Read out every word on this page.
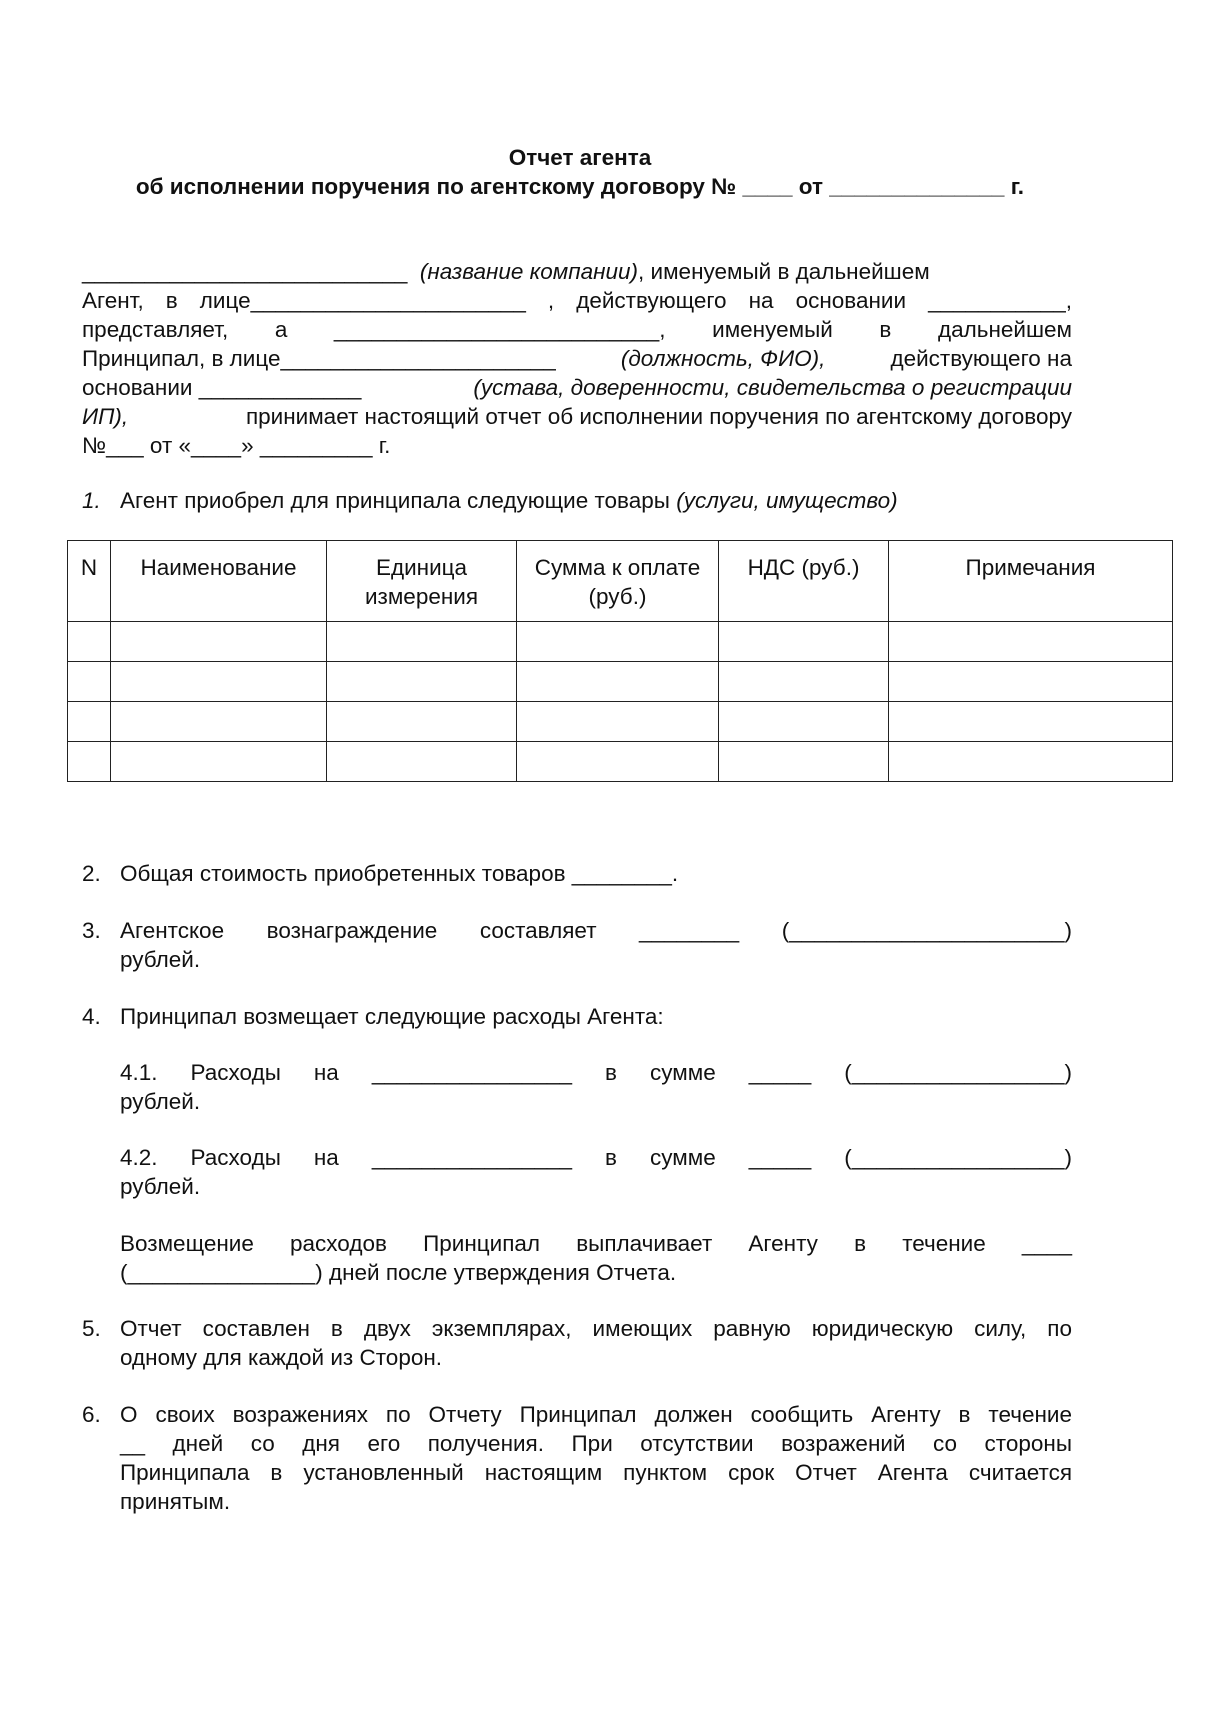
Отчет агента
об исполнении поручения по агентскому договору № ____ от ______________ г.
__________________________ (название компании), именуемый в дальнейшем
Агент, в лице______________________ , действующего на основании ___________,
представляет, а __________________________, именуемый в дальнейшем
Принципал, в лице______________________	(должность, ФИО),	действующего на
основании _____________	(устава, доверенности, свидетельства о регистрации
ИП),	принимает настоящий отчет об исполнении поручения по агентскому договору
№___ от «____» _________ г.
1. Агент приобрел для принципала следующие товары (услуги, имущество)
N	Наименование	Единица измерения	Сумма к оплате (руб.)	НДС (руб.)	Примечания

2. Общая стоимость приобретенных товаров ________.
3. Агентское вознаграждение составляет ________ (______________________)
рублей.
4. Принципал возмещает следующие расходы Агента:
4.1. Расходы на ________________ в сумме _____ (_________________)
рублей.
4.2. Расходы на ________________ в сумме _____ (_________________)
рублей.
Возмещение расходов Принципал выплачивает Агенту в течение ____
(_______________) дней после утверждения Отчета.
5. Отчет составлен в двух экземплярах, имеющих равную юридическую силу, по
одному для каждой из Сторон.
6. О своих возражениях по Отчету Принципал должен сообщить Агенту в течение
__ дней со дня его получения. При отсутствии возражений со стороны
Принципала в установленный настоящим пунктом срок Отчет Агента считается
принятым.
